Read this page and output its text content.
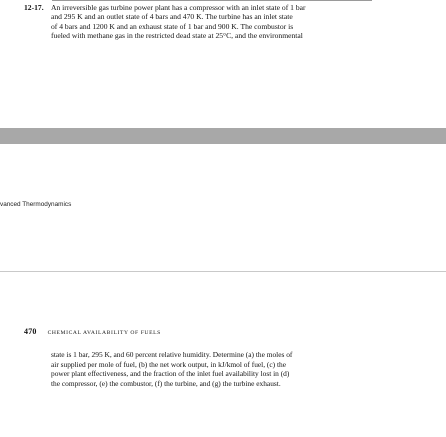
12-17. An irreversible gas turbine power plant has a compressor with an inlet state of 1 bar
and 295 K and an outlet state of 4 bars and 470 K. The turbine has an inlet state
of 4 bars and 1200 K and an exhaust state of 1 bar and 900 K. The combustor is
fueled with methane gas in the restricted dead state at 25°C, and the environmental
vanced Thermodynamics
470 CHEMICAL AVAILABILITY OF FUELS
state is 1 bar, 295 K, and 60 percent relative humidity. Determine (a) the moles of
air supplied per mole of fuel, (b) the net work output, in kJ/kmol of fuel, (c) the
power plant effectiveness, and the fraction of the inlet fuel availability lost in (d)
the compressor, (e) the combustor, (f) the turbine, and (g) the turbine exhaust.
